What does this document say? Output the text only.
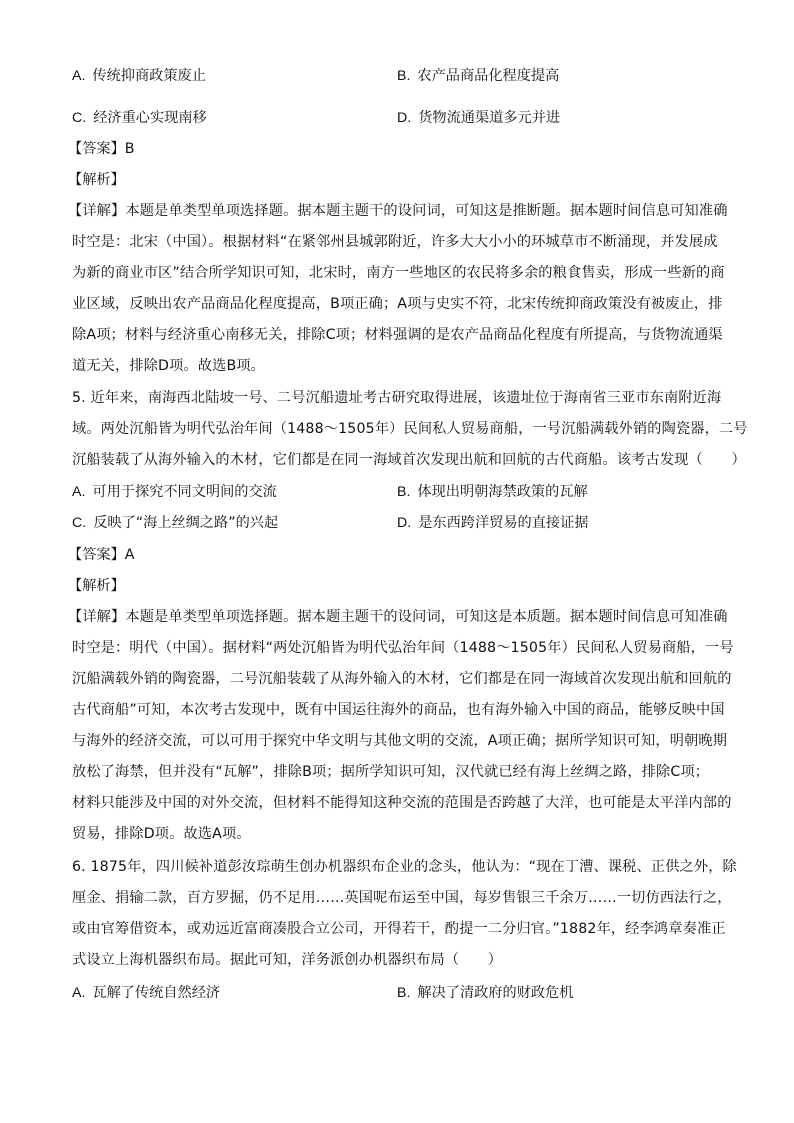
A. 传统抑商政策废止	B. 农产品商品化程度提高
C. 经济重心实现南移	D. 货物流通渠道多元并进
【答案】B
【解析】
【详解】本题是单类型单项选择题。据本题主题干的设问词，可知这是推断题。据本题时间信息可知准确
时空是：北宋（中国）。根据材料“在紧邻州县城郭附近，许多大大小小的环城草市不断涌现，并发展成
为新的商业市区”结合所学知识可知，北宋时，南方一些地区的农民将多余的粮食售卖，形成一些新的商
业区域，反映出农产品商品化程度提高，B项正确；A项与史实不符，北宋传统抑商政策没有被废止，排
除A项；材料与经济重心南移无关，排除C项；材料强调的是农产品商品化程度有所提高，与货物流通渠
道无关，排除D项。故选B项。
5. 近年来，南海西北陆坡一号、二号沉船遗址考古研究取得进展，该遗址位于海南省三亚市东南附近海
域。两处沉船皆为明代弘治年间（1488～1505年）民间私人贸易商船，一号沉船满载外销的陶瓷器，二号
沉船装载了从海外输入的木材，它们都是在同一海域首次发现出航和回航的古代商船。该考古发现（　　）
A. 可用于探究不同文明间的交流	B. 体现出明朝海禁政策的瓦解
C. 反映了“海上丝绸之路”的兴起	D. 是东西跨洋贸易的直接证据
【答案】A
【解析】
【详解】本题是单类型单项选择题。据本题主题干的设问词，可知这是本质题。据本题时间信息可知准确
时空是：明代（中国）。据材料“两处沉船皆为明代弘治年间（1488～1505年）民间私人贸易商船，一号
沉船满载外销的陶瓷器，二号沉船装载了从海外输入的木材，它们都是在同一海域首次发现出航和回航的
古代商船”可知，本次考古发现中，既有中国运往海外的商品，也有海外输入中国的商品，能够反映中国
与海外的经济交流，可以可用于探究中华文明与其他文明的交流，A项正确；据所学知识可知，明朝晚期
放松了海禁，但并没有“瓦解”，排除B项；据所学知识可知，汉代就已经有海上丝绸之路，排除C项；
材料只能涉及中国的对外交流，但材料不能得知这种交流的范围是否跨越了大洋，也可能是太平洋内部的
贸易，排除D项。故选A项。
6. 1875年，四川候补道彭汝琮萌生创办机器织布企业的念头，他认为：“现在丁漕、课税、正供之外，除
厘金、捐输二款，百方罗掘，仍不足用……英国呢布运至中国，每岁售银三千余万……一切仿西法行之，
或由官筹借资本，或劝远近富商凑股合立公司，开得若干，酌提一二分归官。”1882年，经李鸿章奏准正
式设立上海机器织布局。据此可知，洋务派创办机器织布局（　　）
A. 瓦解了传统自然经济	B. 解决了清政府的财政危机
